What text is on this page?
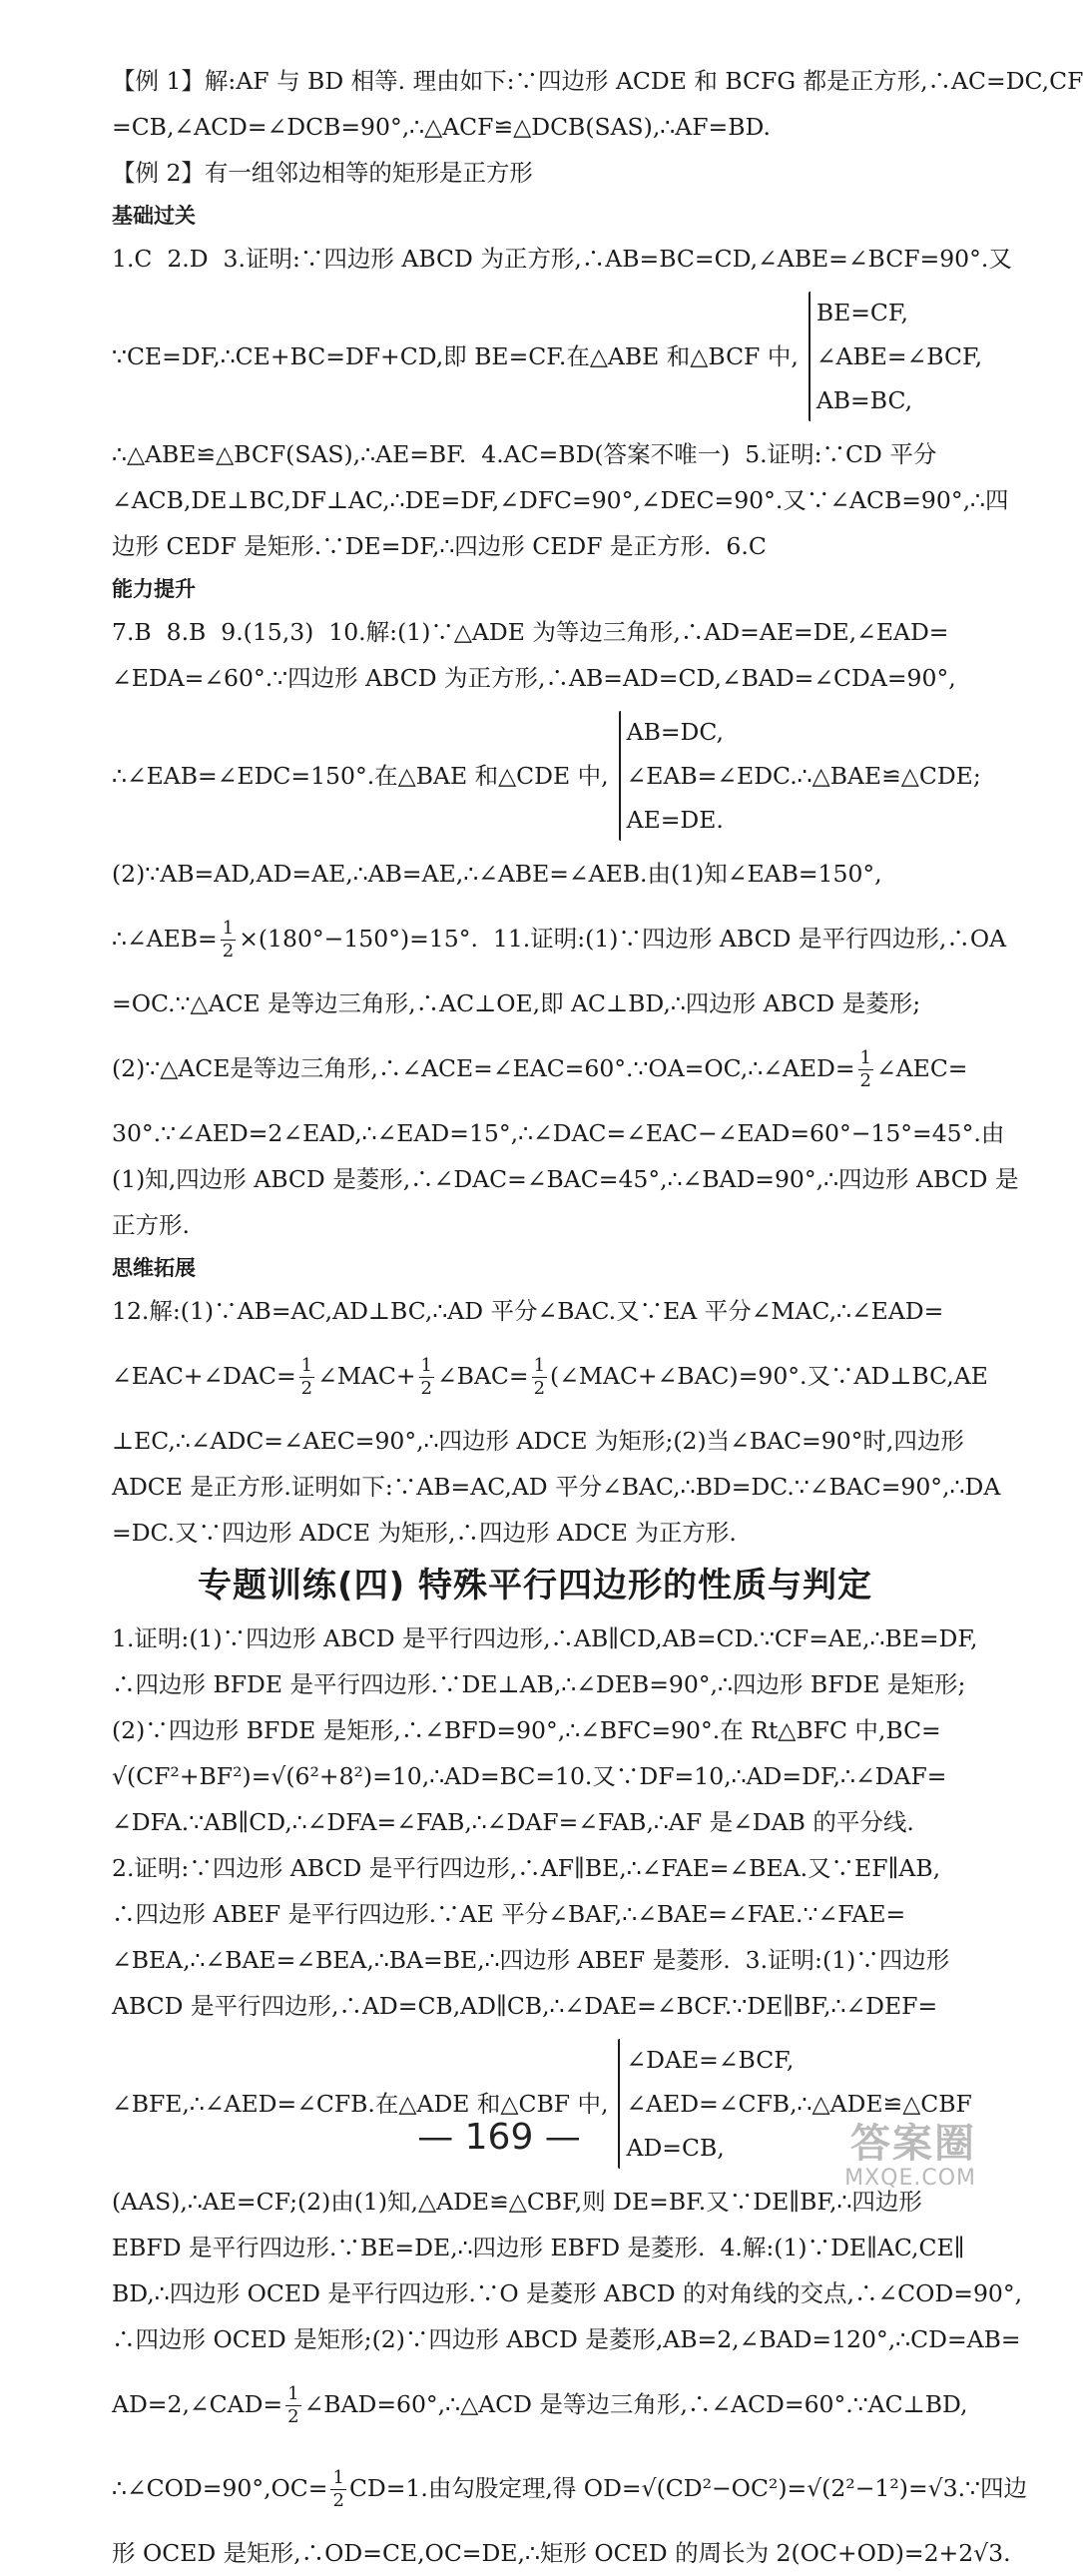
【例 1】解:AF 与 BD 相等. 理由如下:∵四边形 ACDE 和 BCFG 都是正方形,∴AC=DC,CF
=CB,∠ACD=∠DCB=90°,∴△ACF≌△DCB(SAS),∴AF=BD.
【例 2】有一组邻边相等的矩形是正方形
基础过关
1.C  2.D  3.证明:∵四边形 ABCD 为正方形,∴AB=BC=CD,∠ABE=∠BCF=90°.又
∵CE=DF,∴CE+BC=DF+CD,即 BE=CF.在△ABE 和△BCF 中,
BE=CF,
∠ABE=∠BCF,
AB=BC,
∴△ABE≌△BCF(SAS),∴AE=BF.  4.AC=BD(答案不唯一)  5.证明:∵CD 平分
∠ACB,DE⊥BC,DF⊥AC,∴DE=DF,∠DFC=90°,∠DEC=90°.又∵∠ACB=90°,∴四
边形 CEDF 是矩形.∵DE=DF,∴四边形 CEDF 是正方形.  6.C
能力提升
7.B  8.B  9.(15,3)  10.解:(1)∵△ADE 为等边三角形,∴AD=AE=DE,∠EAD=
∠EDA=∠60°.∵四边形 ABCD 为正方形,∴AB=AD=CD,∠BAD=∠CDA=90°,
∴∠EAB=∠EDC=150°.在△BAE 和△CDE 中,
AB=DC,
∠EAB=∠EDC.∴△BAE≌△CDE;
AE=DE.
(2)∵AB=AD,AD=AE,∴AB=AE,∴∠ABE=∠AEB.由(1)知∠EAB=150°,
∴∠AEB= $\frac{1}{2} \times(180^\circ-150^\circ)=15^\circ$.  11.证明:(1)∵四边形 ABCD 是平行四边形,∴OA
=OC.∵△ACE 是等边三角形,∴AC⊥OE,即 AC⊥BD,∴四边形 ABCD 是菱形;
(2)∵△ACE是等边三角形,∴∠ACE=∠EAC=60°.∵OA=OC,∴∠AED= $\frac{1}{2}$ ∠AEC=
30°.∵∠AED=2∠EAD,∴∠EAD=15°,∴∠DAC=∠EAC−∠EAD=60°−15°=45°.由
(1)知,四边形 ABCD 是菱形,∴∠DAC=∠BAC=45°,∴∠BAD=90°,∴四边形 ABCD 是
正方形.
思维拓展
12.解:(1)∵AB=AC,AD⊥BC,∴AD 平分∠BAC.又∵EA 平分∠MAC,∴∠EAD=
∠EAC+∠DAC= $\frac{1}{2}$ ∠MAC+ $\frac{1}{2}$ ∠BAC= $\frac{1}{2}$ (∠MAC+∠BAC)=90°.又∵AD⊥BC,AE
⊥EC,∴∠ADC=∠AEC=90°,∴四边形 ADCE 为矩形;(2)当∠BAC=90°时,四边形
ADCE 是正方形.证明如下:∵AB=AC,AD 平分∠BAC,∴BD=DC.∵∠BAC=90°,∴DA
=DC.又∵四边形 ADCE 为矩形,∴四边形 ADCE 为正方形.
专题训练(四) 特殊平行四边形的性质与判定
1.证明:(1)∵四边形 ABCD 是平行四边形,∴AB∥CD,AB=CD.∵CF=AE,∴BE=DF,
∴四边形 BFDE 是平行四边形.∵DE⊥AB,∴∠DEB=90°,∴四边形 BFDE 是矩形;
(2)∵四边形 BFDE 是矩形,∴∠BFD=90°,∴∠BFC=90°.在 Rt△BFC 中,BC=
√(CF²+BF²)=√(6²+8²)=10,∴AD=BC=10.又∵DF=10,∴AD=DF,∴∠DAF=
∠DFA.∵AB∥CD,∴∠DFA=∠FAB,∴∠DAF=∠FAB,∴AF 是∠DAB 的平分线.
2.证明:∵四边形 ABCD 是平行四边形,∴AF∥BE,∴∠FAE=∠BEA.又∵EF∥AB,
∴四边形 ABEF 是平行四边形.∵AE 平分∠BAF,∴∠BAE=∠FAE.∵∠FAE=
∠BEA,∴∠BAE=∠BEA,∴BA=BE,∴四边形 ABEF 是菱形.  3.证明:(1)∵四边形
ABCD 是平行四边形,∴AD=CB,AD∥CB,∴∠DAE=∠BCF.∵DE∥BF,∴∠DEF=
∠BFE,∴∠AED=∠CFB.在△ADE 和△CBF 中,
∠DAE=∠BCF,
∠AED=∠CFB,∴△ADE≌△CBF
AD=CB,
(AAS),∴AE=CF;(2)由(1)知,△ADE≌△CBF,则 DE=BF.又∵DE∥BF,∴四边形
EBFD 是平行四边形.∵BE=DE,∴四边形 EBFD 是菱形.  4.解:(1)∵DE∥AC,CE∥
BD,∴四边形 OCED 是平行四边形.∵O 是菱形 ABCD 的对角线的交点,∴∠COD=90°,
∴四边形 OCED 是矩形;(2)∵四边形 ABCD 是菱形,AB=2,∠BAD=120°,∴CD=AB=
AD=2,∠CAD= $\frac{1}{2}$ ∠BAD=60°,∴△ACD 是等边三角形,∴∠ACD=60°.∵AC⊥BD,
∴∠COD=90°,OC= $\frac{1}{2} CD=1$.由勾股定理,得 OD=√(CD²−OC²)=√(2²−1²)=√3.∵四边
形 OCED 是矩形,∴OD=CE,OC=DE,∴矩形 OCED 的周长为 2(OC+OD)=2+2√3.
— 169 —	答案圈
MXQE.COM
